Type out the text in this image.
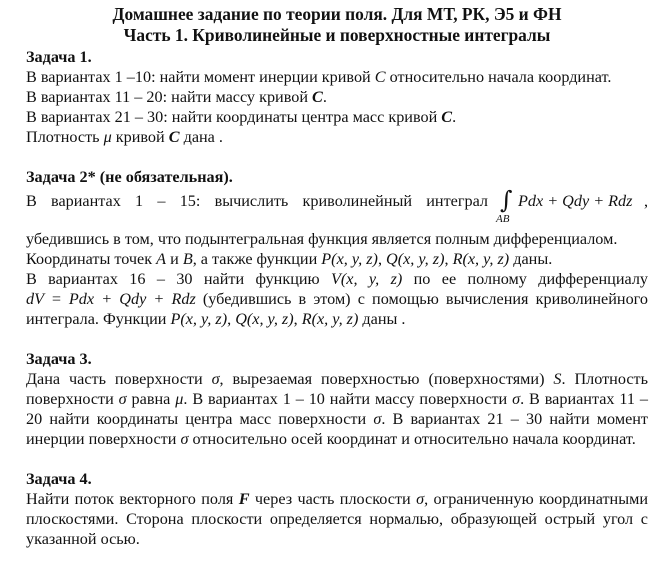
Домашнее задание по теории поля. Для МТ, РК, Э5 и ФН

Часть 1. Криволинейные и поверхностные интегралы

Задача 1.

В вариантах 1 –10: найти момент инерции кривой C относительно начала координат.

В вариантах 11 – 20: найти массу кривой C.

В вариантах 21 – 30: найти координаты центра масс кривой C.

Плотность μ кривой C дана .

Задача 2* (не обязательная).

В вариантах 1 – 15: вычислить криволинейный интеграл ∫
AB
Pdx + Qdy + Rdz ,

убедившись в том, что подынтегральная функция является полным дифференциалом.

Координаты точек A и B, а также функции P(x, y, z), Q(x, y, z), R(x, y, z) даны.

В вариантах 16 – 30 найти функцию V(x, y, z) по ее полному дифференциалу

dV = Pdx + Qdy + Rdz (убедившись в этом) с помощью вычисления криволинейного

интеграла. Функции P(x, y, z), Q(x, y, z), R(x, y, z) даны .

Задача 3.

Дана часть поверхности σ, вырезаемая поверхностью (поверхностями) S. Плотность поверхности σ равна μ. В вариантах 1 – 10 найти массу поверхности σ. В вариантах 11 – 20 найти координаты центра масс поверхности σ. В вариантах 21 – 30 найти момент инерции поверхности σ относительно осей координат и относительно начала координат.

Задача 4.

Найти поток векторного поля F через часть плоскости σ, ограниченную координатными плоскостями. Сторона плоскости определяется нормалью, образующей острый угол с указанной осью.
